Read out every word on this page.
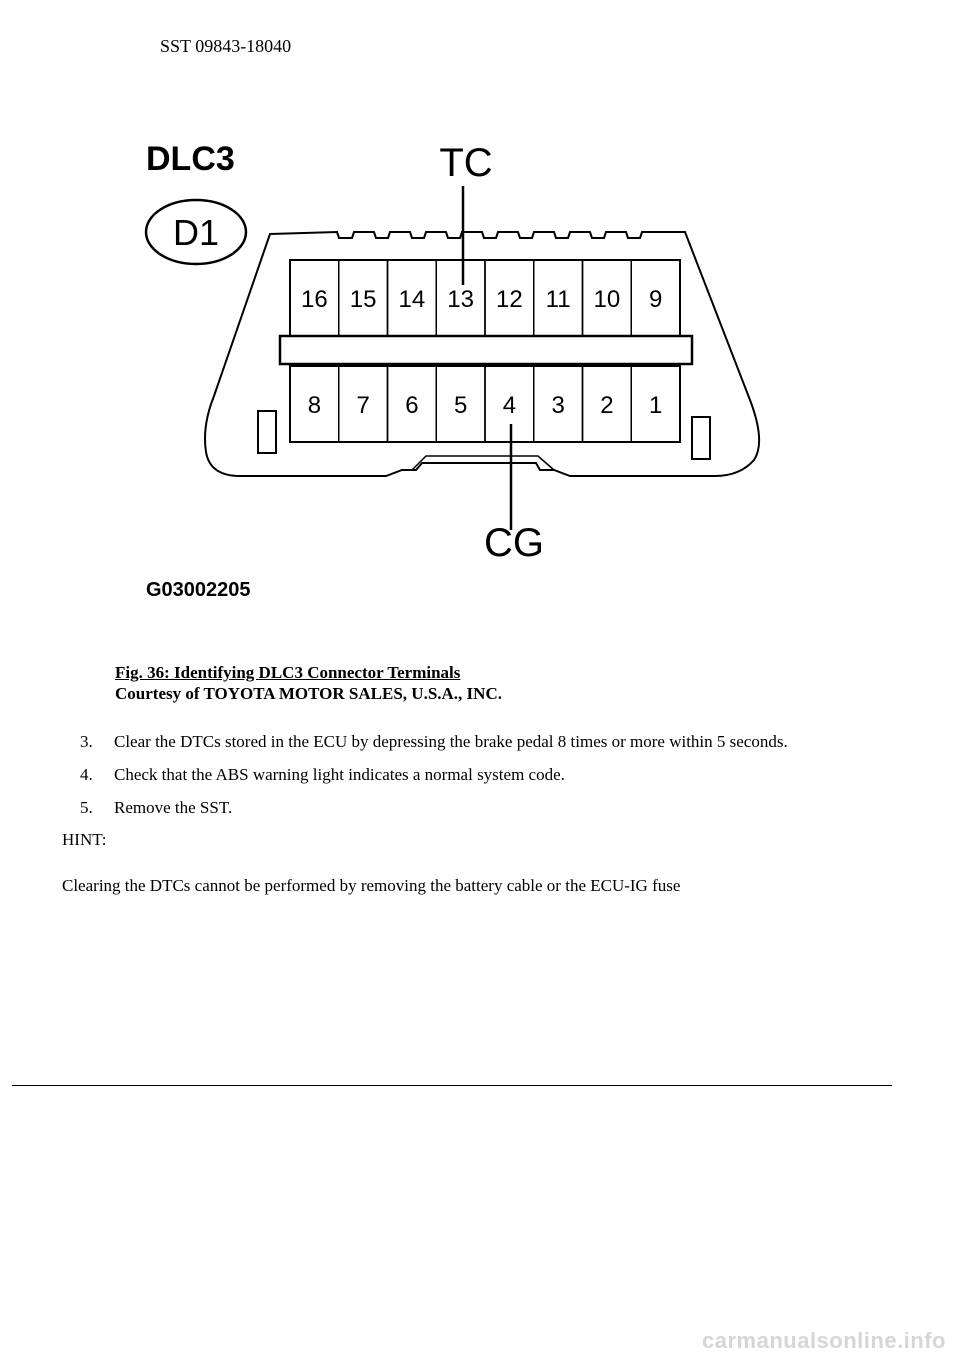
SST 09843-18040
DLC3
D1
16 15 14 13 12 11 10 9
8 7 6 5 4 3 2 1
TC
CG
G03002205
Fig. 36: Identifying DLC3 Connector Terminals
Courtesy of TOYOTA MOTOR SALES, U.S.A., INC.
3.	Clear the DTCs stored in the ECU by depressing the brake pedal 8 times or more within 5 seconds.
4.	Check that the ABS warning light indicates a normal system code.
5.	Remove the SST.
HINT:
Clearing the DTCs cannot be performed by removing the battery cable or the ECU-IG fuse
carmanualsonline.info
